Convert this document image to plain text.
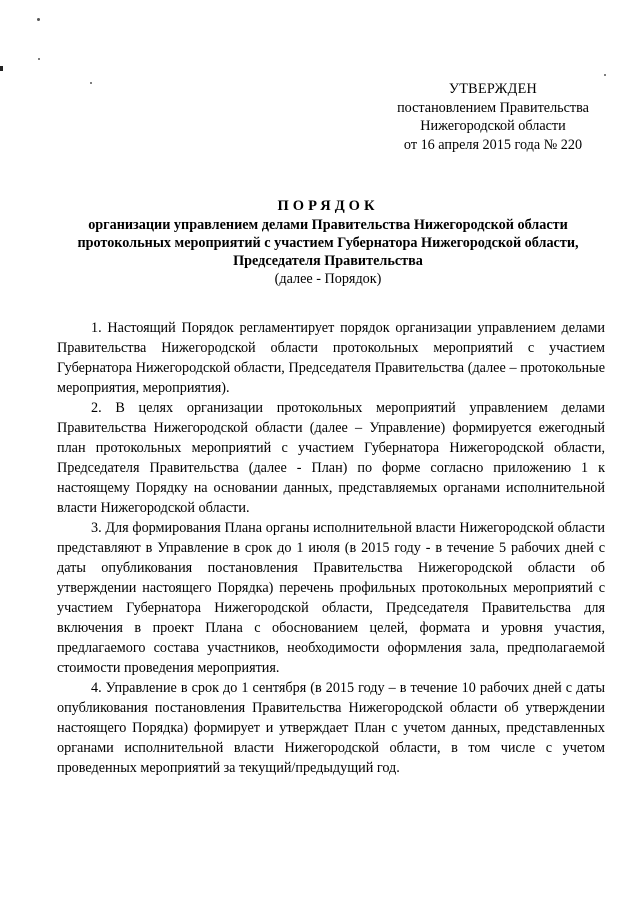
УТВЕРЖДЕН
постановлением Правительства
Нижегородской области
от 16 апреля 2015 года № 220
ПОРЯДОК
организации управлением делами Правительства Нижегородской области
протокольных мероприятий с участием Губернатора Нижегородской области,
Председателя Правительства
(далее - Порядок)

1. Настоящий Порядок регламентирует порядок организации управлением делами Правительства Нижегородской области протокольных мероприятий с участием Губернатора Нижегородской области, Председателя Правительства (далее – протокольные мероприятия, мероприятия).

2. В целях организации протокольных мероприятий управлением делами Правительства Нижегородской области (далее – Управление) формируется ежегодный план протокольных мероприятий с участием Губернатора Нижегородской области, Председателя Правительства (далее - План) по форме согласно приложению 1 к настоящему Порядку на основании данных, представляемых органами исполнительной власти Нижегородской области.

3. Для формирования Плана органы исполнительной власти Нижегородской области представляют в Управление в срок до 1 июля (в 2015 году - в течение 5 рабочих дней с даты опубликования постановления Правительства Нижегородской области об утверждении настоящего Порядка) перечень профильных протокольных мероприятий с участием Губернатора Нижегородской области, Председателя Правительства для включения в проект Плана с обоснованием целей, формата и уровня участия, предлагаемого состава участников, необходимости оформления зала, предполагаемой стоимости проведения мероприятия.

4. Управление в срок до 1 сентября (в 2015 году – в течение 10 рабочих дней с даты опубликования постановления Правительства Нижегородской области об утверждении настоящего Порядка) формирует и утверждает План с учетом данных, представленных органами исполнительной власти Нижегородской области, в том числе с учетом проведенных мероприятий за текущий/предыдущий год.
